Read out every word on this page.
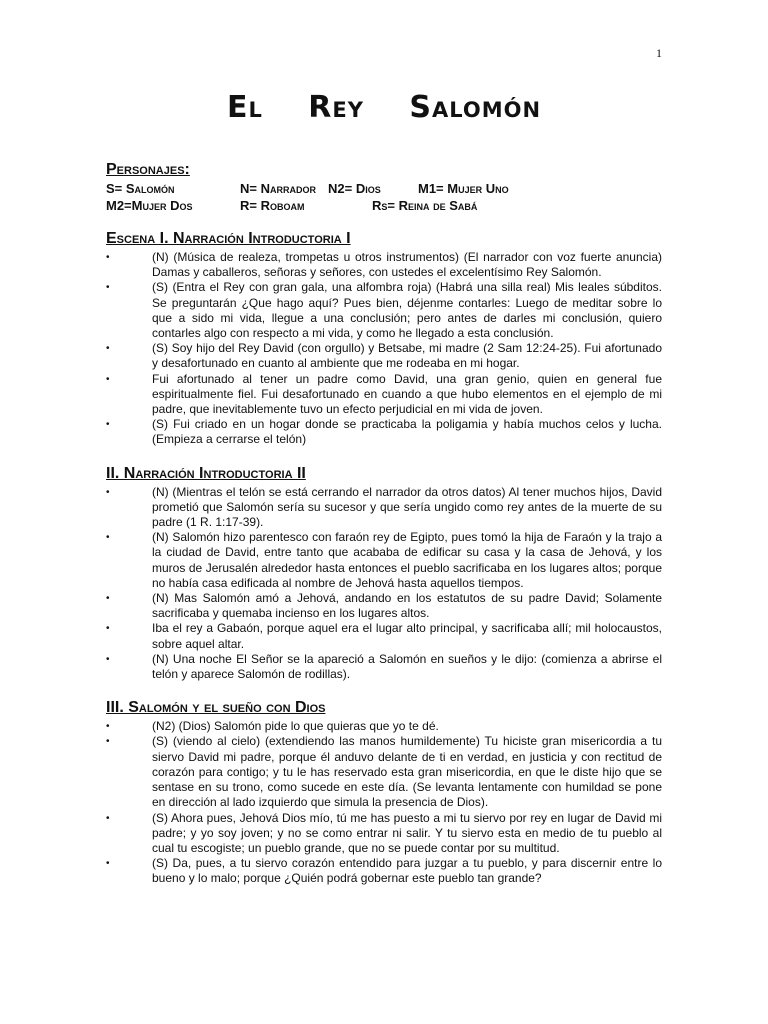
1
El Rey Salomón
Personajes:
S= Salomón	N= Narrador N2= Dios	M1= Mujer Uno
M2=Mujer Dos	R= Roboam	Rs= Reina de Sabá
Escena I. Narración Introductoria I
•	(N) (Música de realeza, trompetas u otros instrumentos) (El narrador con voz fuerte anuncia) Damas y caballeros, señoras y señores, con ustedes el excelentísimo Rey Salomón.
•	(S) (Entra el Rey con gran gala, una alfombra roja) (Habrá una silla real) Mis leales súbditos. Se preguntarán ¿Que hago aquí? Pues bien, déjenme contarles: Luego de meditar sobre lo que a sido mi vida, llegue a una conclusión; pero antes de darles mi conclusión, quiero contarles algo con respecto a mi vida, y como he llegado a esta conclusión.
•	(S) Soy hijo del Rey David (con orgullo) y Betsabe, mi madre (2 Sam 12:24-25). Fui afortunado y desafortunado en cuanto al ambiente que me rodeaba en mi hogar.
•	Fui afortunado al tener un padre como David, una gran genio, quien en general fue espiritualmente fiel. Fui desafortunado en cuando a que hubo elementos en el ejemplo de mi padre, que inevitablemente tuvo un efecto perjudicial en mi vida de joven.
•	(S) Fui criado en un hogar donde se practicaba la poligamia y había muchos celos y lucha. (Empieza a cerrarse el telón)
II. Narración Introductoria II
•	(N) (Mientras el telón se está cerrando el narrador da otros datos) Al tener muchos hijos, David prometió que Salomón sería su sucesor y que sería ungido como rey antes de la muerte de su padre (1 R. 1:17-39).
•	(N) Salomón hizo parentesco con faraón rey de Egipto, pues tomó la hija de Faraón y la trajo a la ciudad de David, entre tanto que acababa de edificar su casa y la casa de Jehová, y los muros de Jerusalén alrededor hasta entonces el pueblo sacrificaba en los lugares altos; porque no había casa edificada al nombre de Jehová hasta aquellos tiempos.
•	(N) Mas Salomón amó a Jehová, andando en los estatutos de su padre David; Solamente sacrificaba y quemaba incienso en los lugares altos.
•	Iba el rey a Gabaón, porque aquel era el lugar alto principal, y sacrificaba allí; mil holocaustos, sobre aquel altar.
•	(N) Una noche El Señor se la apareció a Salomón en sueños y le dijo: (comienza a abrirse el telón y aparece Salomón de rodillas).
III. Salomón y el sueño con Dios
•	(N2) (Dios) Salomón pide lo que quieras que yo te dé.
•	(S) (viendo al cielo) (extendiendo las manos humildemente) Tu hiciste gran misericordia a tu siervo David mi padre, porque él anduvo delante de ti en verdad, en justicia y con rectitud de corazón para contigo; y tu le has reservado esta gran misericordia, en que le diste hijo que se sentase en su trono, como sucede en este día. (Se levanta lentamente con humildad se pone en dirección al lado izquierdo que simula la presencia de Dios).
•	(S) Ahora pues, Jehová Dios mío, tú me has puesto a mi tu siervo por rey en lugar de David mi padre; y yo soy joven; y no se como entrar ni salir. Y tu siervo esta en medio de tu pueblo al cual tu escogiste; un pueblo grande, que no se puede contar por su multitud.
•	(S) Da, pues, a tu siervo corazón entendido para juzgar a tu pueblo, y para discernir entre lo bueno y lo malo; porque ¿Quién podrá gobernar este pueblo tan grande?
